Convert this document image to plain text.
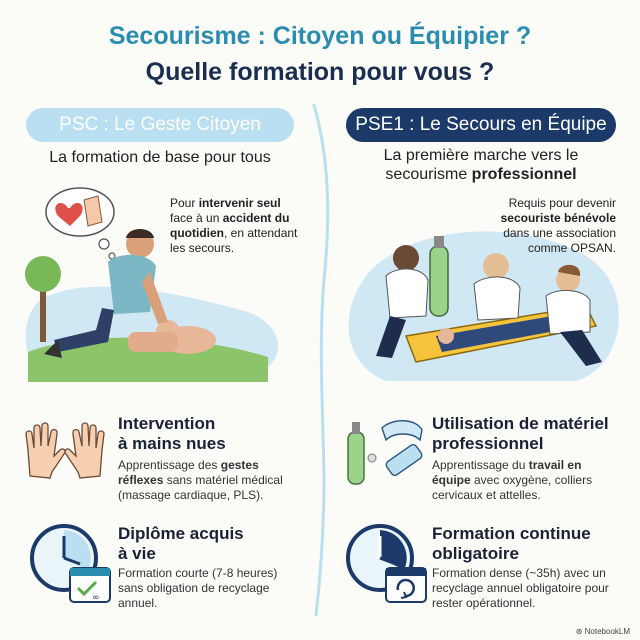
Secourisme : Citoyen ou Équipier ?
Quelle formation pour vous ?
PSC : Le Geste Citoyen	PSE1 : Le Secours en Équipe
La formation de base pour tous	La première marche vers le
secourisme professionnel
Pour intervenir seul face à un accident du quotidien, en attendant les secours.
Requis pour devenir secouriste bénévole dans une association comme OPSAN.
Intervention
à mains nues
Apprentissage des gestes réflexes sans matériel médical (massage cardiaque, PLS).
Utilisation de matériel
professionnel
Apprentissage du travail en équipe avec oxygène, colliers cervicaux et attelles.
∞
Diplôme acquis
à vie
Formation courte (7-8 heures) sans obligation de recyclage annuel.
Formation continue
obligatoire
Formation dense (~35h) avec un recyclage annuel obligatoire pour rester opérationnel.
⊛ NotebookLM
